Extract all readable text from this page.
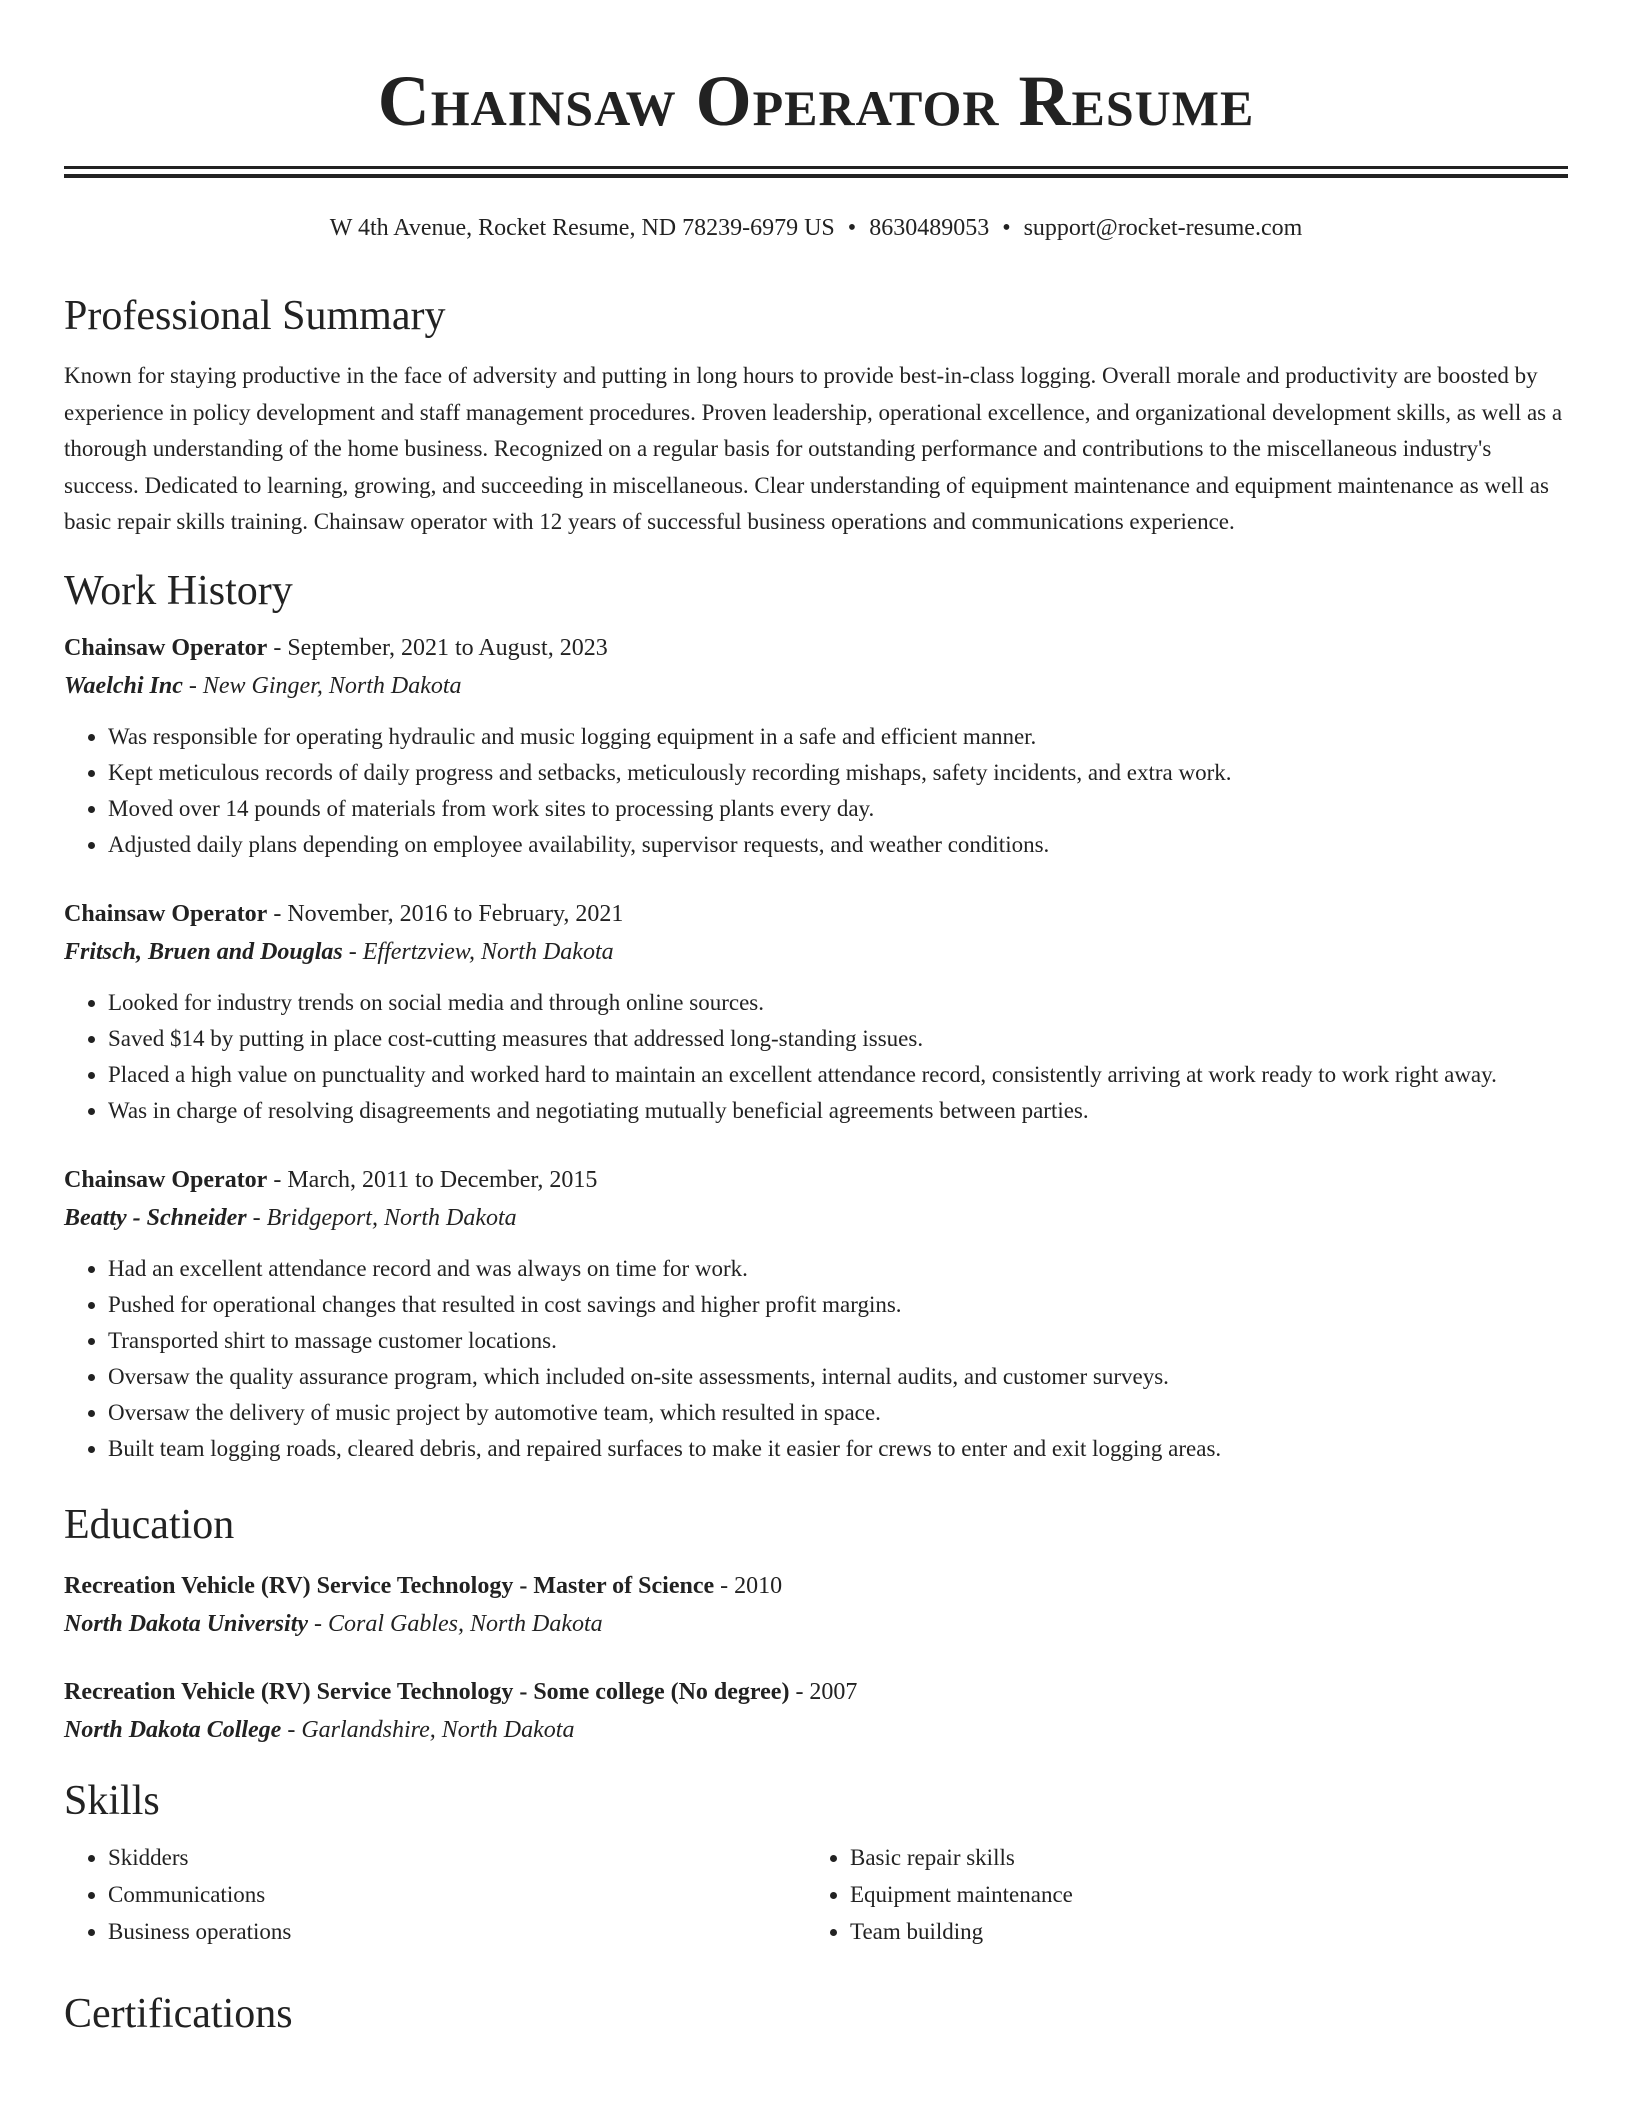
Chainsaw Operator Resume
W 4th Avenue, Rocket Resume, ND 78239-6979 US • 8630489053 • support@rocket-resume.com
Professional Summary
Known for staying productive in the face of adversity and putting in long hours to provide best-in-class logging. Overall morale and productivity are boosted by experience in policy development and staff management procedures. Proven leadership, operational excellence, and organizational development skills, as well as a thorough understanding of the home business. Recognized on a regular basis for outstanding performance and contributions to the miscellaneous industry's success. Dedicated to learning, growing, and succeeding in miscellaneous. Clear understanding of equipment maintenance and equipment maintenance as well as basic repair skills training. Chainsaw operator with 12 years of successful business operations and communications experience.
Work History
Chainsaw Operator - September, 2021 to August, 2023
Waelchi Inc - New Ginger, North Dakota
• Was responsible for operating hydraulic and music logging equipment in a safe and efficient manner.
• Kept meticulous records of daily progress and setbacks, meticulously recording mishaps, safety incidents, and extra work.
• Moved over 14 pounds of materials from work sites to processing plants every day.
• Adjusted daily plans depending on employee availability, supervisor requests, and weather conditions.
Chainsaw Operator - November, 2016 to February, 2021
Fritsch, Bruen and Douglas - Effertzview, North Dakota
• Looked for industry trends on social media and through online sources.
• Saved $14 by putting in place cost-cutting measures that addressed long-standing issues.
• Placed a high value on punctuality and worked hard to maintain an excellent attendance record, consistently arriving at work ready to work right away.
• Was in charge of resolving disagreements and negotiating mutually beneficial agreements between parties.
Chainsaw Operator - March, 2011 to December, 2015
Beatty - Schneider - Bridgeport, North Dakota
• Had an excellent attendance record and was always on time for work.
• Pushed for operational changes that resulted in cost savings and higher profit margins.
• Transported shirt to massage customer locations.
• Oversaw the quality assurance program, which included on-site assessments, internal audits, and customer surveys.
• Oversaw the delivery of music project by automotive team, which resulted in space.
• Built team logging roads, cleared debris, and repaired surfaces to make it easier for crews to enter and exit logging areas.
Education
Recreation Vehicle (RV) Service Technology - Master of Science - 2010
North Dakota University - Coral Gables, North Dakota
Recreation Vehicle (RV) Service Technology - Some college (No degree) - 2007
North Dakota College - Garlandshire, North Dakota
Skills
• Skidders
• Communications
• Business operations
• Basic repair skills
• Equipment maintenance
• Team building
Certifications
